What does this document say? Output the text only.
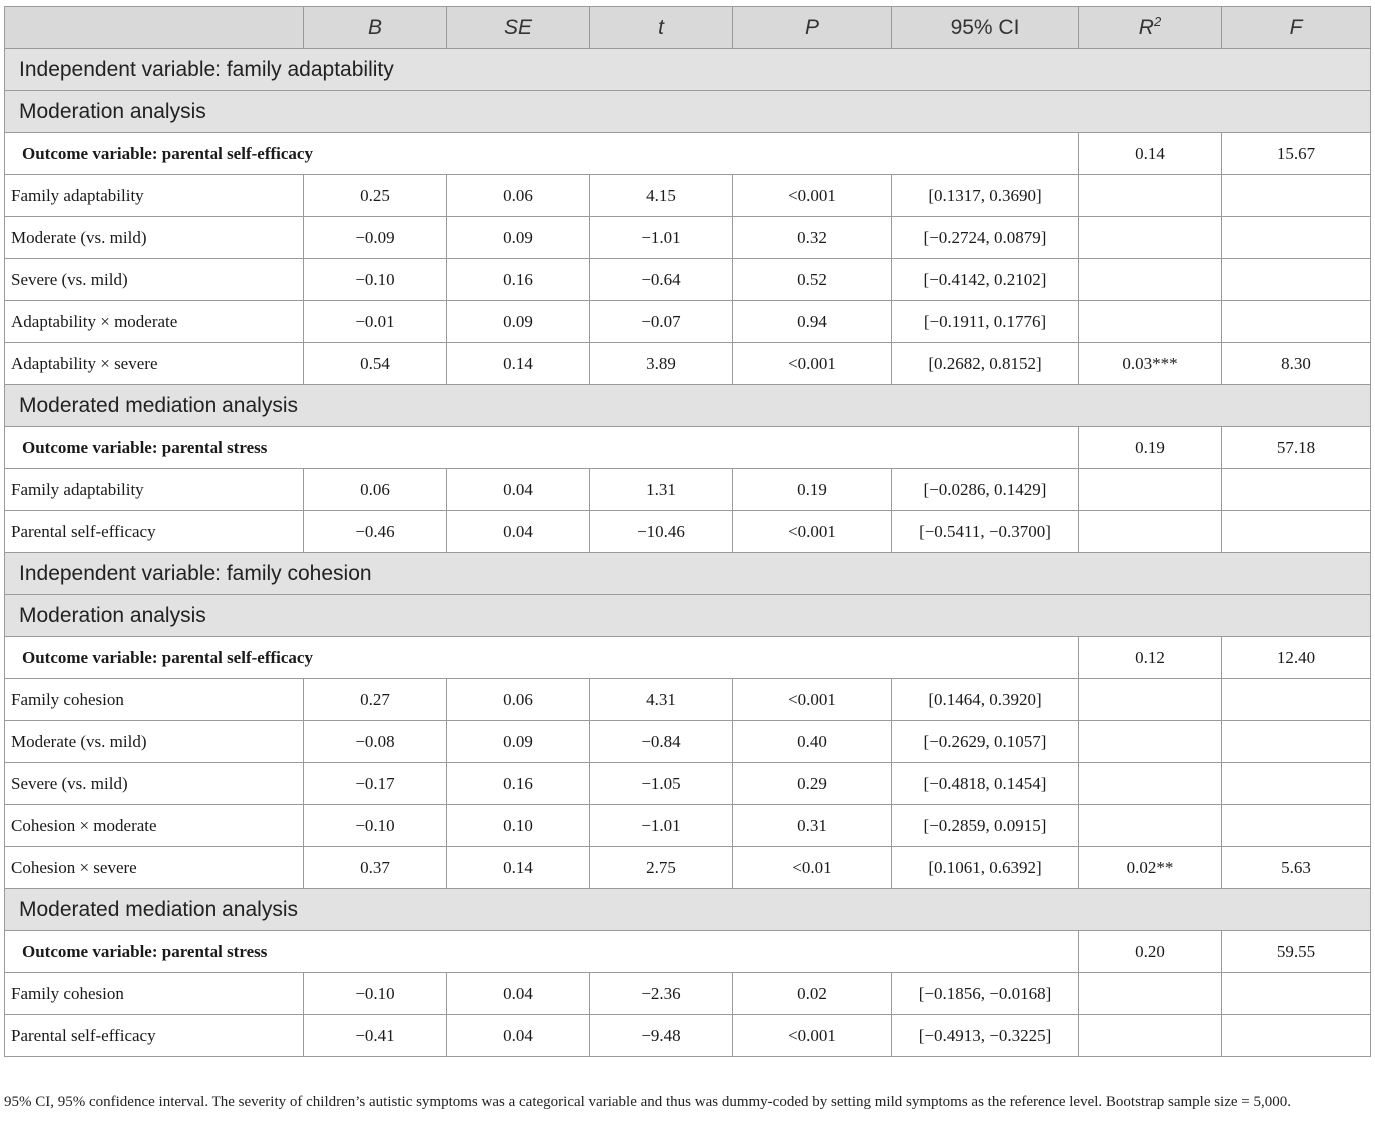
	B	SE	t	P	95% CI	$R^2$	F
Independent variable: family adaptability							
Moderation analysis							
Outcome variable: parental self-efficacy						0.14	15.67
Family adaptability	0.25	0.06	4.15	<0.001	[0.1317, 0.3690]		
Moderate (vs. mild)	−0.09	0.09	−1.01	0.32	[−0.2724, 0.0879]		
Severe (vs. mild)	−0.10	0.16	−0.64	0.52	[−0.4142, 0.2102]		
Adaptability × moderate	−0.01	0.09	−0.07	0.94	[−0.1911, 0.1776]		
Adaptability × severe	0.54	0.14	3.89	<0.001	[0.2682, 0.8152]	0.03***	8.30
Moderated mediation analysis							
Outcome variable: parental stress						0.19	57.18
Family adaptability	0.06	0.04	1.31	0.19	[−0.0286, 0.1429]		
Parental self-efficacy	−0.46	0.04	−10.46	<0.001	[−0.5411, −0.3700]		
Independent variable: family cohesion							
Moderation analysis							
Outcome variable: parental self-efficacy						0.12	12.40
Family cohesion	0.27	0.06	4.31	<0.001	[0.1464, 0.3920]		
Moderate (vs. mild)	−0.08	0.09	−0.84	0.40	[−0.2629, 0.1057]		
Severe (vs. mild)	−0.17	0.16	−1.05	0.29	[−0.4818, 0.1454]		
Cohesion × moderate	−0.10	0.10	−1.01	0.31	[−0.2859, 0.0915]		
Cohesion × severe	0.37	0.14	2.75	<0.01	[0.1061, 0.6392]	0.02**	5.63
Moderated mediation analysis							
Outcome variable: parental stress						0.20	59.55
Family cohesion	−0.10	0.04	−2.36	0.02	[−0.1856, −0.0168]		
Parental self-efficacy	−0.41	0.04	−9.48	<0.001	[−0.4913, −0.3225]		
95% CI, 95% confidence interval. The severity of children’s autistic symptoms was a categorical variable and thus was dummy-coded by setting mild symptoms as the reference level. Bootstrap sample size = 5,000.
